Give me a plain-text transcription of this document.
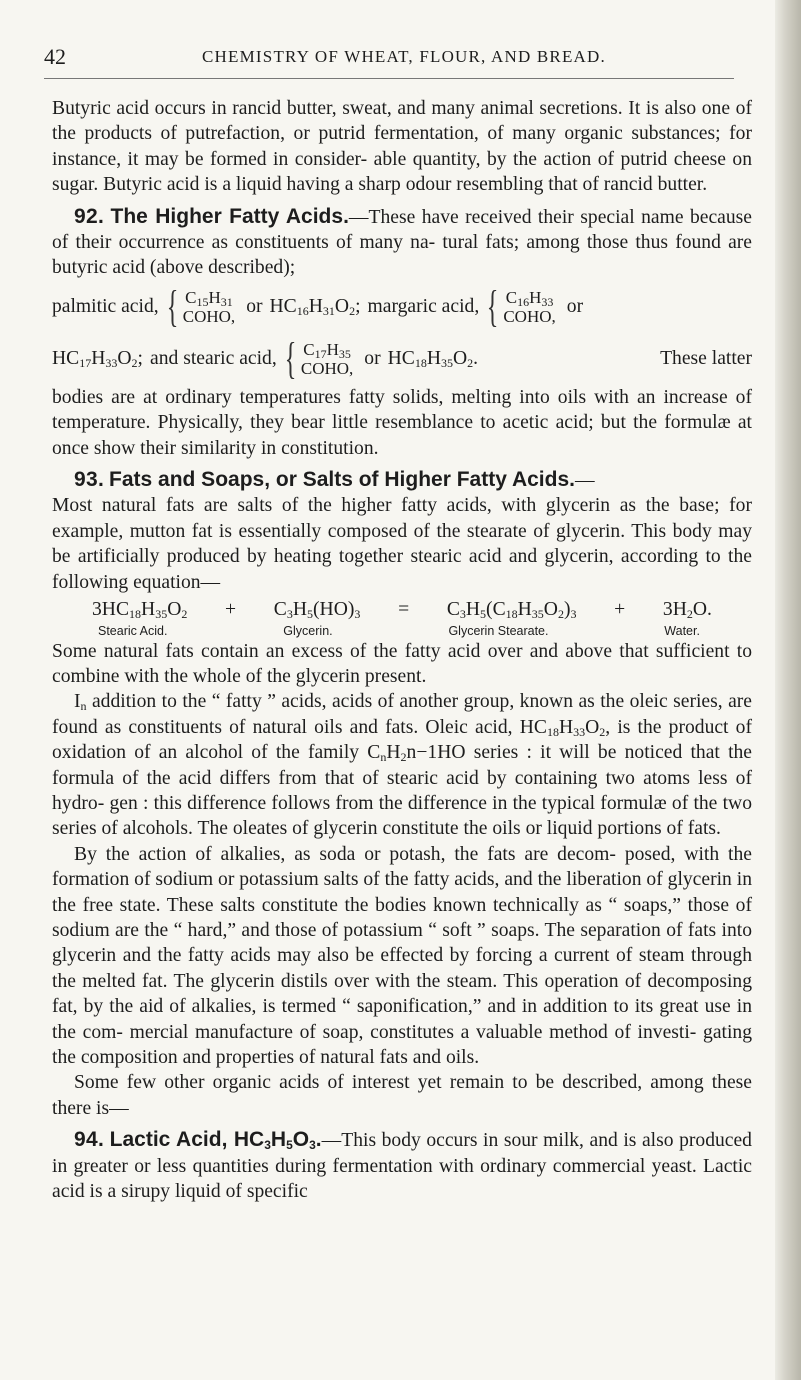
42	CHEMISTRY OF WHEAT, FLOUR, AND BREAD.

Butyric acid occurs in rancid butter, sweat, and many animal secretions. It is also one of the products of putrefaction, or putrid fermentation, of many organic substances; for instance, it may be formed in consider- able quantity, by the action of putrid cheese on sugar. Butyric acid is a liquid having a sharp odour resembling that of rancid butter.

92. The Higher Fatty Acids.—These have received their special name because of their occurrence as constituents of many na- tural fats; among those thus found are butyric acid (above described);

palmitic acid, { $C_{15}H_{31}$
COHO, or $HC_{16}H_{31}O_2$; margaric acid, { $C_{16}H_{33}$
COHO, or
$HC_{17}H_{33}O_2$; and stearic acid, { $C_{17}H_{35}$
COHO, or $HC_{18}H_{35}O_2$.	These latter

bodies are at ordinary temperatures fatty solids, melting into oils with an increase of temperature. Physically, they bear little resemblance to acetic acid; but the formulæ at once show their similarity in constitution.

93. Fats and Soaps, or Salts of Higher Fatty Acids.—

Most natural fats are salts of the higher fatty acids, with glycerin as the base; for example, mutton fat is essentially composed of the stearate of glycerin. This body may be artificially produced by heating together stearic acid and glycerin, according to the following equation—

$3HC_{18}H_{35}O_2 + C_3H_5(HO)_3 = C_3H_5(C_{18}H_{35}O_2)_3 + 3H_2O$.
Stearic Acid.	Glycerin.	Glycerin Stearate.	Water.

Some natural fats contain an excess of the fatty acid over and above that sufficient to combine with the whole of the glycerin present.

$I_n$ addition to the “ fatty ” acids, acids of another group, known as the oleic series, are found as constituents of natural oils and fats. Oleic acid, $HC_{18}H_{33}O_2$, is the product of oxidation of an alcohol of the family $C_nH_2n-1HO$ series : it will be noticed that the formula of the acid differs from that of stearic acid by containing two atoms less of hydro- gen : this difference follows from the difference in the typical formulæ of the two series of alcohols. The oleates of glycerin constitute the oils or liquid portions of fats.

By the action of alkalies, as soda or potash, the fats are decom- posed, with the formation of sodium or potassium salts of the fatty acids, and the liberation of glycerin in the free state. These salts constitute the bodies known technically as “ soaps,” those of sodium are the “ hard,” and those of potassium “ soft ” soaps. The separation of fats into glycerin and the fatty acids may also be effected by forcing a current of steam through the melted fat. The glycerin distils over with the steam. This operation of decomposing fat, by the aid of alkalies, is termed “ saponification,” and in addition to its great use in the com- mercial manufacture of soap, constitutes a valuable method of investi- gating the composition and properties of natural fats and oils.

Some few other organic acids of interest yet remain to be described, among these there is—

94. Lactic Acid, $HC_3H_5O_3.—This$ body occurs in sour milk, and is also produced in greater or less quantities during fermentation with ordinary commercial yeast. Lactic acid is a sirupy liquid of specific
